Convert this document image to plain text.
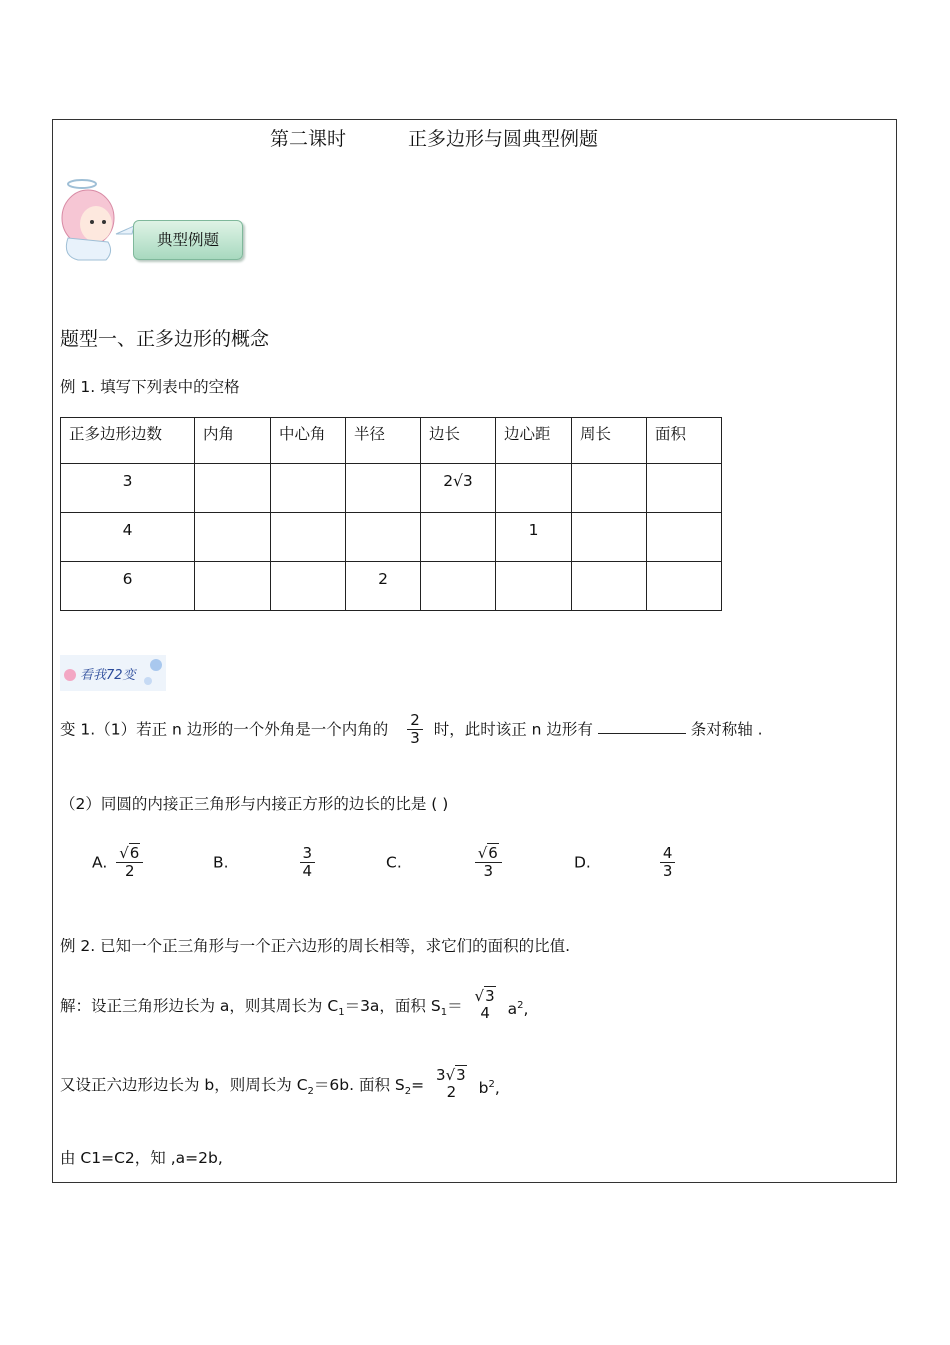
第二课时	正多边形与圆典型例题
典型例题
题型一、正多边形的概念
例 1. 填写下列表中的空格
正多边形边数	内角	中心角	半径	边长	边心距	周长	面积
3				2√3			
4					1		
6			2				
看我72变
变 1.（1）若正 n 边形的一个外角是一个内角的 $\frac{2}{3}$ 时，此时该正 n 边形有	条对称轴 .
（2）同圆的内接正三角形与内接正方形的边长的比是 ( )
A. $\frac{√6}{2}$	B.	$\frac{3}{4}$	C.	$\frac{√6}{3}$	D.	$\frac{4}{3}$
例 2. 已知一个正三角形与一个正六边形的周长相等，求它们的面积的比值.
解：设正三角形边长为 a，则其周长为 $C_1=3a$，面积 $S_1=$
√3
4	$a^2$,
又设正六边形边长为 b，则周长为 $C_2=6b$. 面积 $S_2=$
3√3
2	$b^2$,
由 C1=C2，知 ,a=2b,
